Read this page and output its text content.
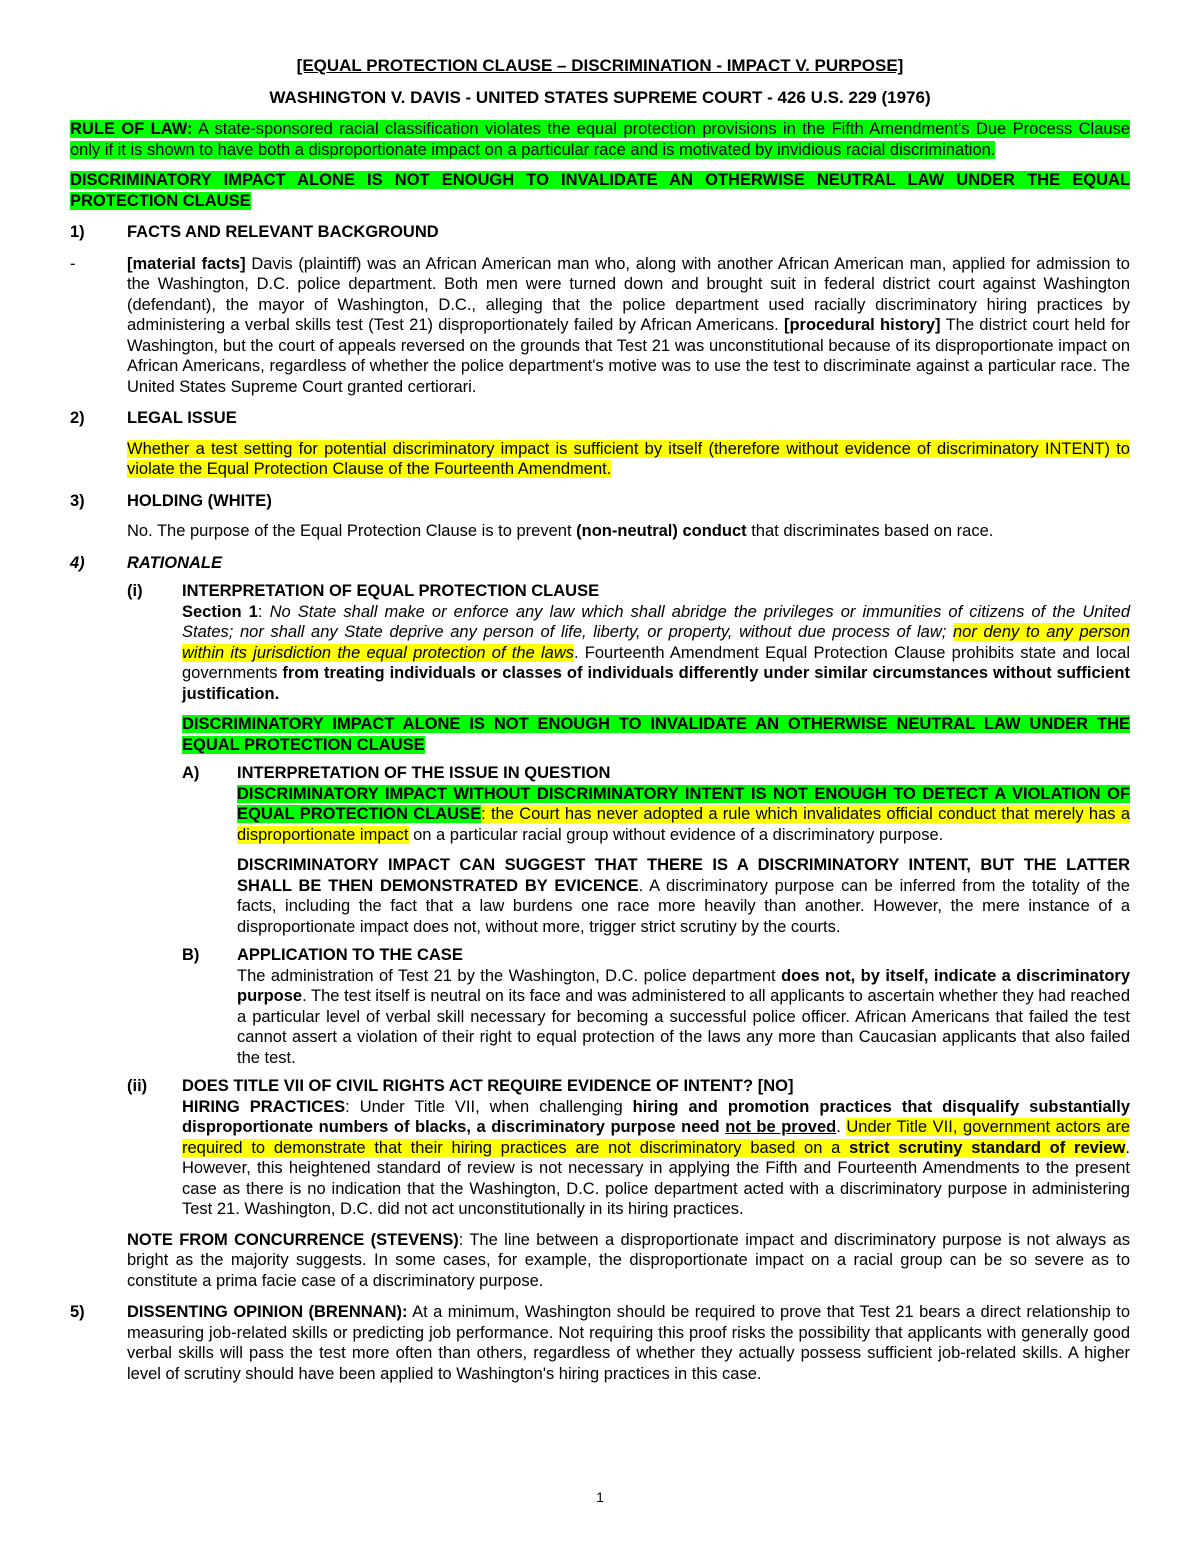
[EQUAL PROTECTION CLAUSE – DISCRIMINATION - IMPACT V. PURPOSE]

WASHINGTON V. DAVIS - UNITED STATES SUPREME COURT - 426 U.S. 229 (1976)

RULE OF LAW: A state-sponsored racial classification violates the equal protection provisions in the Fifth Amendment's Due Process Clause only if it is shown to have both a disproportionate impact on a particular race and is motivated by invidious racial discrimination.

DISCRIMINATORY IMPACT ALONE IS NOT ENOUGH TO INVALIDATE AN OTHERWISE NEUTRAL LAW UNDER THE EQUAL PROTECTION CLAUSE

1)	FACTS AND RELEVANT BACKGROUND
-	[material facts] Davis (plaintiff) was an African American man who, along with another African American man, applied for admission to the Washington, D.C. police department. Both men were turned down and brought suit in federal district court against Washington (defendant), the mayor of Washington, D.C., alleging that the police department used racially discriminatory hiring practices by administering a verbal skills test (Test 21) disproportionately failed by African Americans. [procedural history] The district court held for Washington, but the court of appeals reversed on the grounds that Test 21 was unconstitutional because of its disproportionate impact on African Americans, regardless of whether the police department's motive was to use the test to discriminate against a particular race. The United States Supreme Court granted certiorari.

2)	LEGAL ISSUE

Whether a test setting for potential discriminatory impact is sufficient by itself (therefore without evidence of discriminatory INTENT) to violate the Equal Protection Clause of the Fourteenth Amendment.

3)	HOLDING (WHITE)

No. The purpose of the Equal Protection Clause is to prevent (non-neutral) conduct that discriminates based on race.

4)	RATIONALE
(i)	INTERPRETATION OF EQUAL PROTECTION CLAUSE

Section 1: No State shall make or enforce any law which shall abridge the privileges or immunities of citizens of the United States; nor shall any State deprive any person of life, liberty, or property, without due process of law; nor deny to any person within its jurisdiction the equal protection of the laws. Fourteenth Amendment Equal Protection Clause prohibits state and local governments from treating individuals or classes of individuals differently under similar circumstances without sufficient justification.

DISCRIMINATORY IMPACT ALONE IS NOT ENOUGH TO INVALIDATE AN OTHERWISE NEUTRAL LAW UNDER THE EQUAL PROTECTION CLAUSE

A)	INTERPRETATION OF THE ISSUE IN QUESTION

DISCRIMINATORY IMPACT WITHOUT DISCRIMINATORY INTENT IS NOT ENOUGH TO DETECT A VIOLATION OF EQUAL PROTECTION CLAUSE: the Court has never adopted a rule which invalidates official conduct that merely has a disproportionate impact on a particular racial group without evidence of a discriminatory purpose.

DISCRIMINATORY IMPACT CAN SUGGEST THAT THERE IS A DISCRIMINATORY INTENT, BUT THE LATTER SHALL BE THEN DEMONSTRATED BY EVICENCE. A discriminatory purpose can be inferred from the totality of the facts, including the fact that a law burdens one race more heavily than another. However, the mere instance of a disproportionate impact does not, without more, trigger strict scrutiny by the courts.

B)	APPLICATION TO THE CASE

The administration of Test 21 by the Washington, D.C. police department does not, by itself, indicate a discriminatory purpose. The test itself is neutral on its face and was administered to all applicants to ascertain whether they had reached a particular level of verbal skill necessary for becoming a successful police officer. African Americans that failed the test cannot assert a violation of their right to equal protection of the laws any more than Caucasian applicants that also failed the test.

(ii)	DOES TITLE VII OF CIVIL RIGHTS ACT REQUIRE EVIDENCE OF INTENT? [NO]

HIRING PRACTICES: Under Title VII, when challenging hiring and promotion practices that disqualify substantially disproportionate numbers of blacks, a discriminatory purpose need not be proved. Under Title VII, government actors are required to demonstrate that their hiring practices are not discriminatory based on a strict scrutiny standard of review. However, this heightened standard of review is not necessary in applying the Fifth and Fourteenth Amendments to the present case as there is no indication that the Washington, D.C. police department acted with a discriminatory purpose in administering Test 21. Washington, D.C. did not act unconstitutionally in its hiring practices.

NOTE FROM CONCURRENCE (STEVENS): The line between a disproportionate impact and discriminatory purpose is not always as bright as the majority suggests. In some cases, for example, the disproportionate impact on a racial group can be so severe as to constitute a prima facie case of a discriminatory purpose.

5)	DISSENTING OPINION (BRENNAN): At a minimum, Washington should be required to prove that Test 21 bears a direct relationship to measuring job-related skills or predicting job performance. Not requiring this proof risks the possibility that applicants with generally good verbal skills will pass the test more often than others, regardless of whether they actually possess sufficient job-related skills. A higher level of scrutiny should have been applied to Washington's hiring practices in this case.

1
